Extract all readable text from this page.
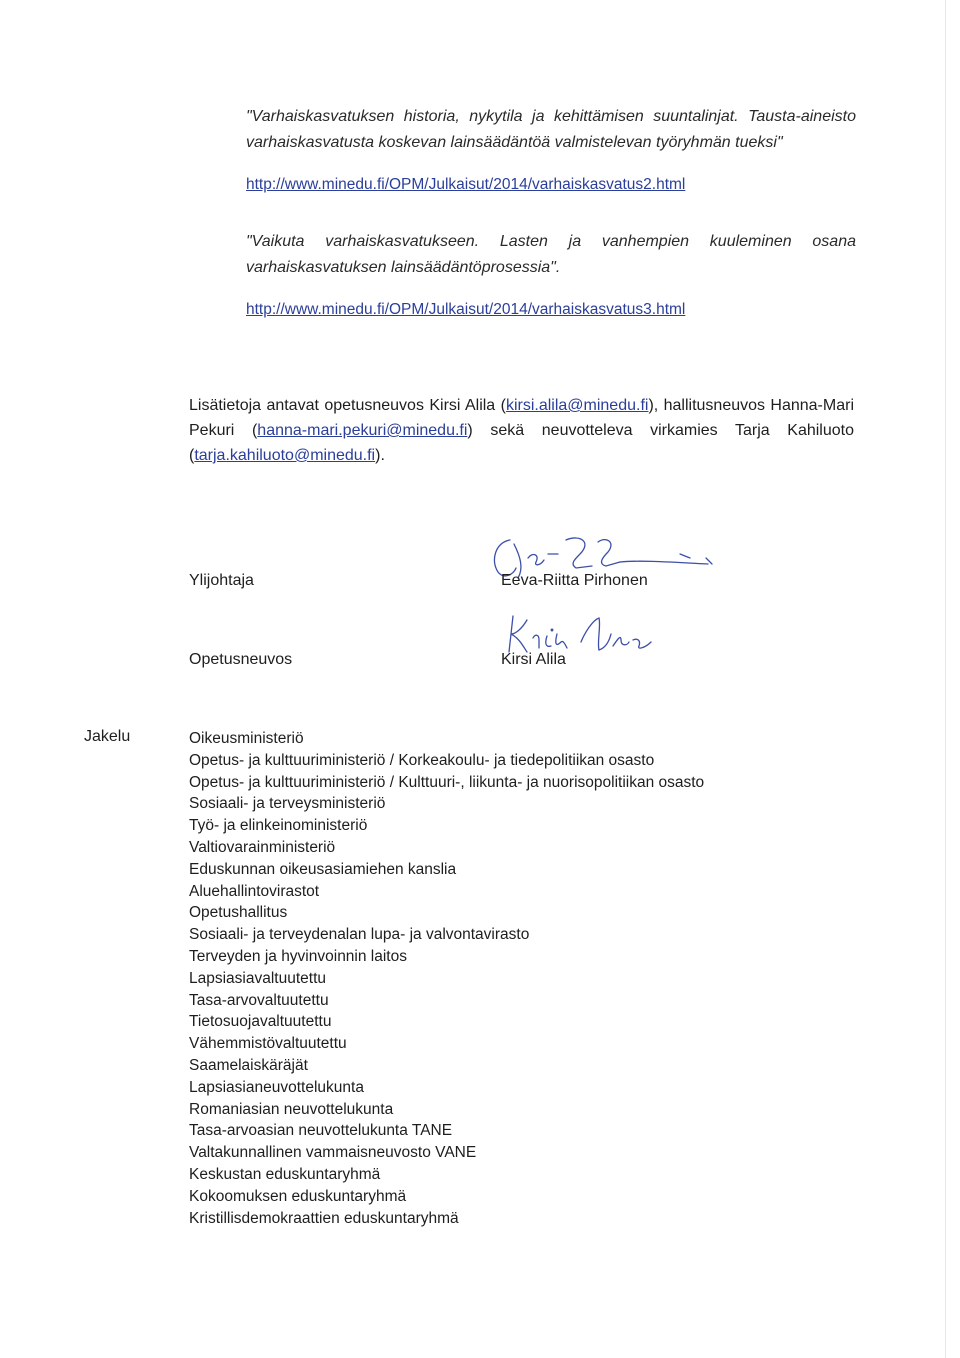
"Varhaiskasvatuksen historia, nykytila ja kehittämisen suuntalinjat. Tausta-aineisto varhaiskasvatusta koskevan lainsäädäntöä valmistelevan työryhmän tueksi"
http://www.minedu.fi/OPM/Julkaisut/2014/varhaiskasvatus2.html
"Vaikuta varhaiskasvatukseen. Lasten ja vanhempien kuuleminen osana varhaiskasvatuksen lainsäädäntöprosessia".
http://www.minedu.fi/OPM/Julkaisut/2014/varhaiskasvatus3.html
Lisätietoja antavat opetusneuvos Kirsi Alila (kirsi.alila@minedu.fi), hallitusneuvos Hanna-Mari Pekuri (hanna-mari.pekuri@minedu.fi) sekä neuvotteleva virkamies Tarja Kahiluoto (tarja.kahiluoto@minedu.fi).
Ylijohtaja	Eeva-Riitta Pirhonen
Opetusneuvos	Kirsi Alila
Jakelu	Oikeusministeriö
Opetus- ja kulttuuriministeriö / Korkeakoulu- ja tiedepolitiikan osasto
Opetus- ja kulttuuriministeriö / Kulttuuri-, liikunta- ja nuorisopolitiikan osasto
Sosiaali- ja terveysministeriö
Työ- ja elinkeinoministeriö
Valtiovarainministeriö
Eduskunnan oikeusasiamiehen kanslia
Aluehallintovirastot
Opetushallitus
Sosiaali- ja terveydenalan lupa- ja valvontavirasto
Terveyden ja hyvinvoinnin laitos
Lapsiasiavaltuutettu
Tasa-arvovaltuutettu
Tietosuojavaltuutettu
Vähemmistövaltuutettu
Saamelaiskäräjät
Lapsiasianeuvottelukunta
Romaniasian neuvottelukunta
Tasa-arvoasian neuvottelukunta TANE
Valtakunnallinen vammaisneuvosto VANE
Keskustan eduskuntaryhmä
Kokoomuksen eduskuntaryhmä
Kristillisdemokraattien eduskuntaryhmä
